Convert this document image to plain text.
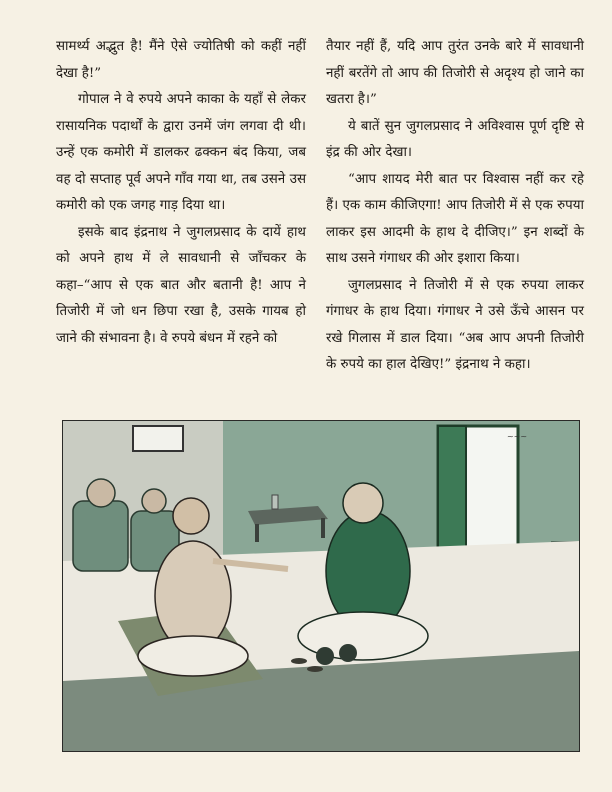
सामर्थ्य अद्भुत है! मैंने ऐसे ज्योतिषी को कहीं नहीं देखा है!”

गोपाल ने वे रुपये अपने काका के यहाँ से लेकर रासायनिक पदार्थों के द्वारा उनमें जंग लगवा दी थी। उन्हें एक कमोरी में डालकर ढक्कन बंद किया, जब वह दो सप्ताह पूर्व अपने गाँव गया था, तब उसने उस कमोरी को एक जगह गाड़ दिया था।

इसके बाद इंद्रनाथ ने जुगलप्रसाद के दायें हाथ को अपने हाथ में ले सावधानी से जाँचकर के कहा–“आप से एक बात और बतानी है! आप ने तिजोरी में जो धन छिपा रखा है, उसके गायब हो जाने की संभावना है। वे रुपये बंधन में रहने को

तैयार नहीं हैं, यदि आप तुरंत उनके बारे में सावधानी नहीं बरतेंगे तो आप की तिजोरी से अदृश्य हो जाने का खतरा है।”

ये बातें सुन जुगलप्रसाद ने अविश्वास पूर्ण दृष्टि से इंद्र की ओर देखा।

“आप शायद मेरी बात पर विश्वास नहीं कर रहे हैं। एक काम कीजिएगा! आप तिजोरी में से एक रुपया लाकर इस आदमी के हाथ दे दीजिए।” इन शब्दों के साथ उसने गंगाधर की ओर इशारा किया।

जुगलप्रसाद ने तिजोरी में से एक रुपया लाकर गंगाधर के हाथ दिया। गंगाधर ने उसे ऊँचे आसन पर रखे गिलास में डाल दिया। “अब आप अपनी तिजोरी के रुपये का हाल देखिए!” इंद्रनाथ ने कहा।

~~~
